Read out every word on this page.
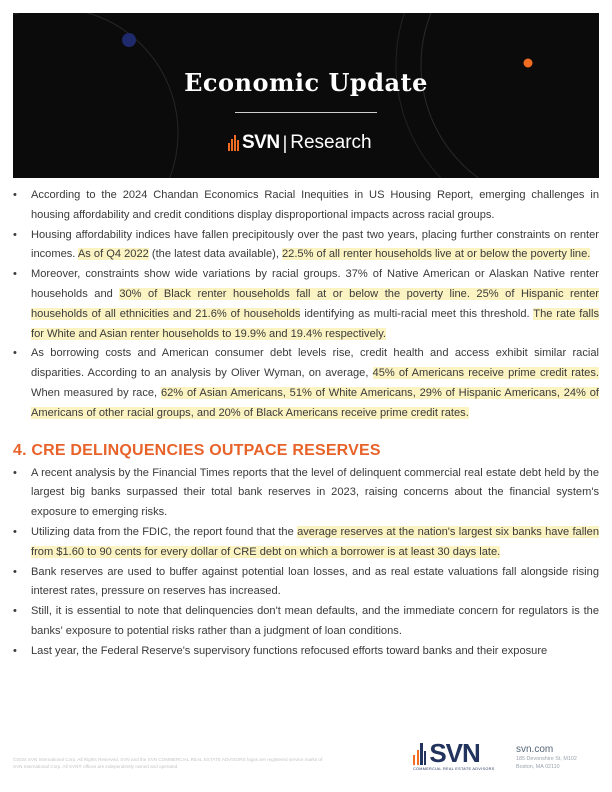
Economic Update
SVN | Research
• According to the 2024 Chandan Economics Racial Inequities in US Housing Report, emerging challenges in housing affordability and credit conditions display disproportional impacts across racial groups.
• Housing affordability indices have fallen precipitously over the past two years, placing further constraints on renter incomes. As of Q4 2022 (the latest data available), 22.5% of all renter households live at or below the poverty line.
• Moreover, constraints show wide variations by racial groups. 37% of Native American or Alaskan Native renter households and 30% of Black renter households fall at or below the poverty line. 25% of Hispanic renter households of all ethnicities and 21.6% of households identifying as multi-racial meet this threshold. The rate falls for White and Asian renter households to 19.9% and 19.4% respectively.
• As borrowing costs and American consumer debt levels rise, credit health and access exhibit similar racial disparities. According to an analysis by Oliver Wyman, on average, 45% of Americans receive prime credit rates. When measured by race, 62% of Asian Americans, 51% of White Americans, 29% of Hispanic Americans, 24% of Americans of other racial groups, and 20% of Black Americans receive prime credit rates.
4. CRE DELINQUENCIES OUTPACE RESERVES
• A recent analysis by the Financial Times reports that the level of delinquent commercial real estate debt held by the largest big banks surpassed their total bank reserves in 2023, raising concerns about the financial system's exposure to emerging risks.
• Utilizing data from the FDIC, the report found that the average reserves at the nation's largest six banks have fallen from $1.60 to 90 cents for every dollar of CRE debt on which a borrower is at least 30 days late.
• Bank reserves are used to buffer against potential loan losses, and as real estate valuations fall alongside rising interest rates, pressure on reserves has increased.
• Still, it is essential to note that delinquencies don't mean defaults, and the immediate concern for regulators is the banks' exposure to potential risks rather than a judgment of loan conditions.
• Last year, the Federal Reserve's supervisory functions refocused efforts toward banks and their exposure
©2024 SVN International Corp. All Rights Reserved. SVN and the SVN COMMERCIAL REAL ESTATE ADVISORS logos are registered service marks of SVN International Corp. All SVN® offices are independently owned and operated.	SVN
COMMERCIAL REAL ESTATE ADVISORS
svn.com
185 Devonshire St, M102
Boston, MA 02110
